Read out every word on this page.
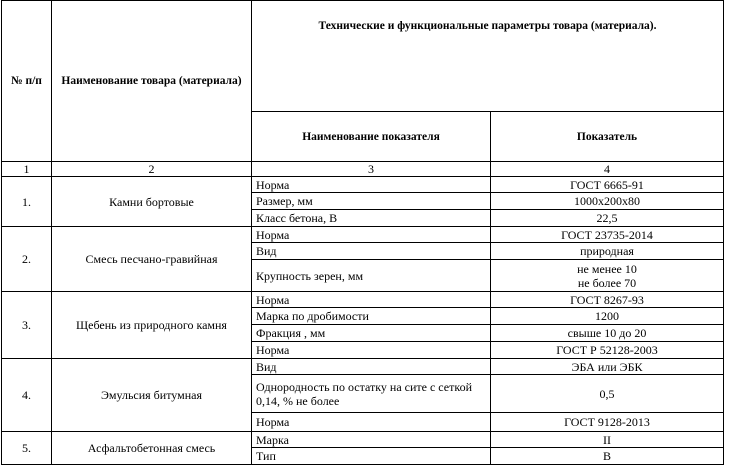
№ п/п	Наименование товара (материала)	Технические и функциональные параметры товара (материала).	
		Наименование показателя	Показатель
1	2	3	4
1.	Камни бортовые	Норма	ГОСТ 6665-91
		Размер, мм	1000х200х80
		Класс бетона, В	22,5
2.	Смесь песчано-гравийная	Норма	ГОСТ 23735-2014
		Вид	природная
		Крупность зерен, мм	не менее 10
не более 70

3.	Щебень из природного камня	Норма	ГОСТ 8267-93
		Марка по дробимости	1200
		Фракция , мм	свыше 10 до 20
		Норма	ГОСТ Р 52128-2003
4.	Эмульсия битумная	Вид	ЭБА или ЭБК
		Однородность по остатку на сите с сеткой 0,14, % не более	0,5
		Норма	ГОСТ 9128-2013
5.	Асфальтобетонная смесь	Марка	II
		Тип	В
